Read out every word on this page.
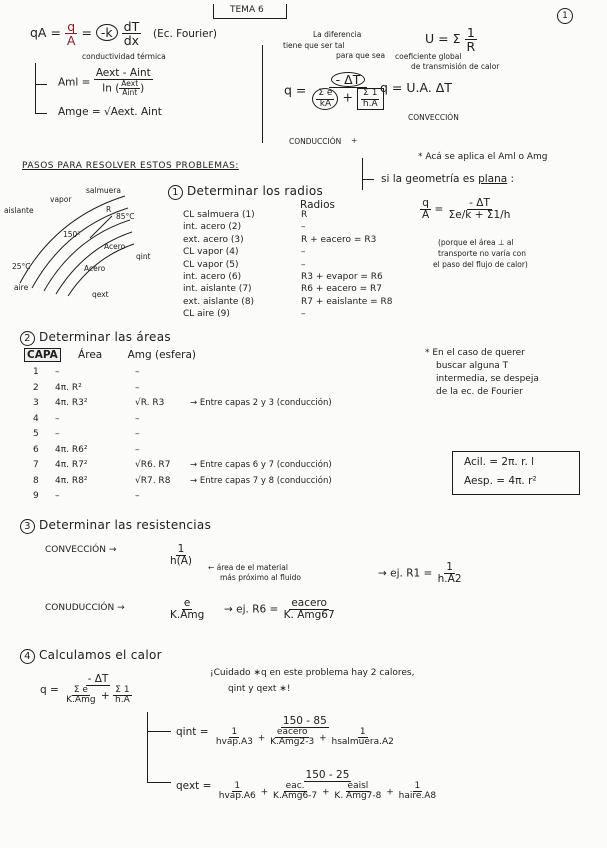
TEMA 6
1
qA = $\frac{q}{A} = -k \frac{dT}{dx} (Ec$. Fourier)
conductividad térmica
Aml = $\frac{\text{Aext - Aint}}{\ln ( \frac{\text{Aext}}{\text{Aint}} )}$
Amge = √Aext. Aint
La diferencia
tiene que ser tal
para que sea
$q = \frac{- \Delta T}{\frac{\text{Σ e}}{kA} + \frac{\Sigma 1}{h.A}}$
CONDUCCIÓN
CONVECCIÓN
+
U = Σ $\frac{1}{R}$
coeficiente global
de transmisión de calor
q = U.A. ΔT
* Acá se aplica el Aml o Amg
si la geometría es plana :
$\frac{q}{A} = \frac{- \Delta T}{\Sigma e/k + \Sigma 1/h}$
(porque el área ⊥ al
transporte no varía con
el paso del flujo de calor)
PASOS PARA RESOLVER ESTOS PROBLEMAS:
aislante
vapor
salmuera
R
85°C
150²
Acero
Acero
25°C
aire
qint
qext
1 Determinar los radios
Radios
CL salmuera (1)	R
int. acero (2)	–
ext. acero (3)	R + eacero = R3
CL vapor (4)	–
CL vapor (5)	–
int. acero (6)	R3 + evapor = R6
int. aislante (7)	R6 + eacero = R7
ext. aislante (8)	R7 + eaislante = R8
CL aire (9)	–
2 Determinar las áreas
CAPA Área Amg (esfera)
1 –	–
2 4π. R²	–
3 4π. R3²	√R. R3	→ Entre capas 2 y 3 (conducción)
4 –	–
5 –	–
6 4π. R6²	–
7 4π. R7²	√R6. R7 → Entre capas 6 y 7 (conducción)
8 4π. R8²	√R7. R8 → Entre capas 7 y 8 (conducción)
9 –	–
* En el caso de querer
buscar alguna T
intermedia, se despeja
de la ec. de Fourier
Acil. = 2π. r. l
Aesp. = 4π. r²
3 Determinar las resistencias
CONVECCIÓN →	$\frac{1}{h(A)}$
← área de el material
más próximo al fluido	→ ej. $R1 = \frac{1}{h.A2}$
CONUDUCCIÓN →	$\frac{e}{\text{K.Amg}}$ → ej. $R6 = \frac{\text{eacero}}{\text{K. Amg67}}$
4 Calculamos el calor
$q = \frac{- \Delta T}{\frac{\text{Σ e}}{\text{K.Amg}} + \frac{\Sigma 1}{h.A}}$
¡Cuidado ∗q en este problema hay 2 calores,
qint y qext ∗!
qint = $\frac{150 - 85}{\frac{1}{\text{hvap.A3}} + \frac{\text{eacero}}{\text{K.Amg2-3}} + \frac{1}{\text{hsalmuera.A2}}}$
qext = $\frac{150 - 25}{\frac{1}{\text{hvap.A6}} + \frac{\text{eac.}}{\text{K.Amg6-7}} + \frac{\text{eaisl}}{\text{K. Amg7-8}} + \frac{1}{\text{haire.A8}}}$
